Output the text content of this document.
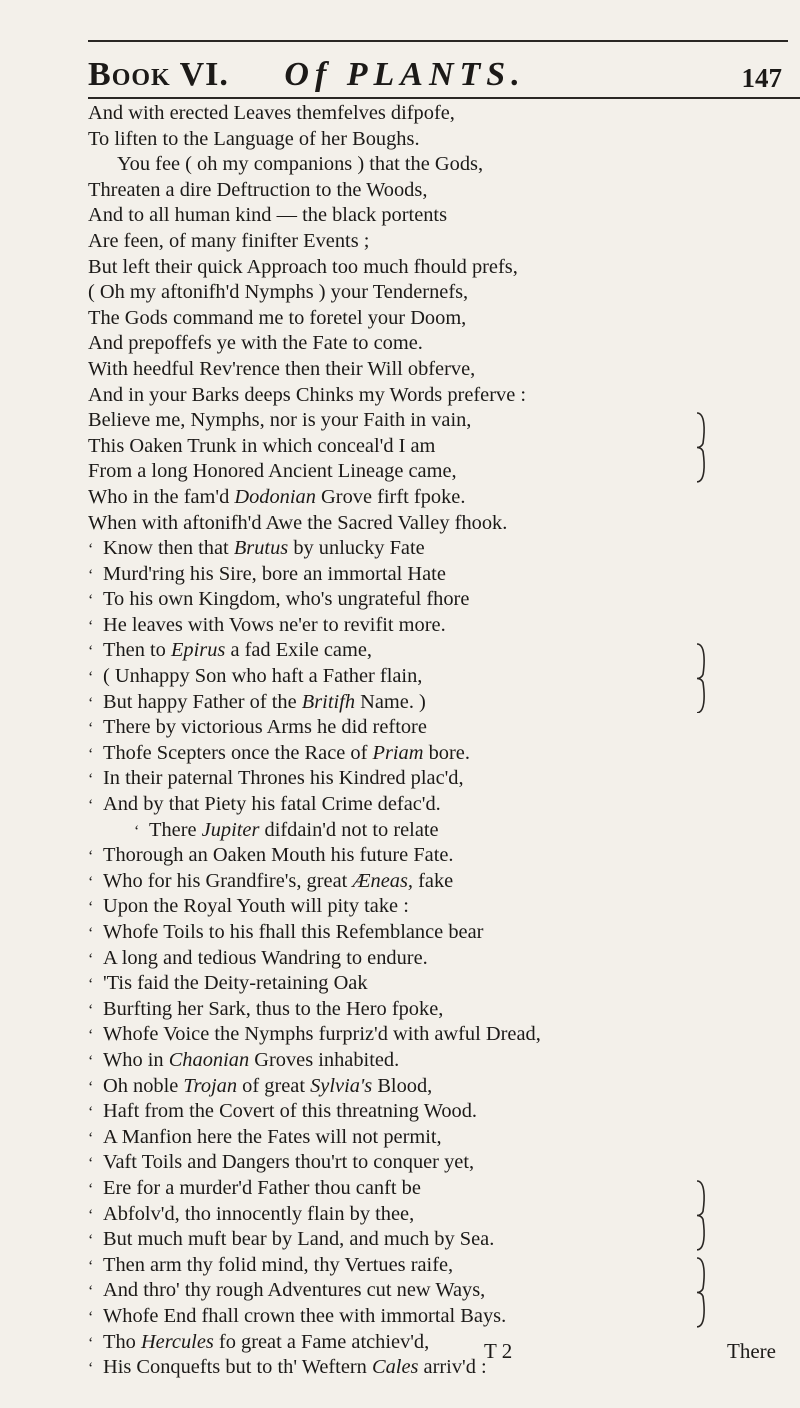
BOOK VI. Of PLANTS.	147
And with erected Leaves themfelves difpofe,
To liften to the Language of her Boughs.
You fee ( oh my companions ) that the Gods,
Threaten a dire Deftruction to the Woods,
And to all human kind — the black portents
Are feen, of many finifter Events ;
But left their quick Approach too much fhould prefs,
( Oh my aftonifh'd Nymphs ) your Tendernefs,
The Gods command me to foretel your Doom,
And prepoffefs ye with the Fate to come.
With heedful Rev'rence then their Will obferve,
And in your Barks deeps Chinks my Words preferve :
Believe me, Nymphs, nor is your Faith in vain,
This Oaken Trunk in which conceal'd I am
From a long Honored Ancient Lineage came,
Who in the fam'd Dodonian Grove firft fpoke.
When with aftonifh'd Awe the Sacred Valley fhook.
‘ Know then that Brutus by unlucky Fate
‘ Murd'ring his Sire, bore an immortal Hate
‘ To his own Kingdom, who's ungrateful fhore
‘ He leaves with Vows ne'er to revifit more.
‘ Then to Epirus a fad Exile came,
‘ ( Unhappy Son who haft a Father flain,
‘ But happy Father of the Britifh Name. )
‘ There by victorious Arms he did reftore
‘ Thofe Scepters once the Race of Priam bore.
‘ In their paternal Thrones his Kindred plac'd,
‘ And by that Piety his fatal Crime defac'd.
‘ There Jupiter difdain'd not to relate
‘ Thorough an Oaken Mouth his future Fate.
‘ Who for his Grandfire's, great Æneas, fake
‘ Upon the Royal Youth will pity take :
‘ Whofe Toils to his fhall this Refemblance bear
‘ A long and tedious Wandring to endure.
‘ 'Tis faid the Deity-retaining Oak
‘ Burfting her Sark, thus to the Hero fpoke,
‘ Whofe Voice the Nymphs furpriz'd with awful Dread,
‘ Who in Chaonian Groves inhabited.
‘ Oh noble Trojan of great Sylvia's Blood,
‘ Haft from the Covert of this threatning Wood.
‘ A Manfion here the Fates will not permit,
‘ Vaft Toils and Dangers thou'rt to conquer yet,
‘ Ere for a murder'd Father thou canft be
‘ Abfolv'd, tho innocently flain by thee,
‘ But much muft bear by Land, and much by Sea.
‘ Then arm thy folid mind, thy Vertues raife,
‘ And thro' thy rough Adventures cut new Ways,
‘ Whofe End fhall crown thee with immortal Bays.
‘ Tho Hercules fo great a Fame atchiev'd,
‘ His Conquefts but to th' Weftern Cales arriv'd :
T 2	There
